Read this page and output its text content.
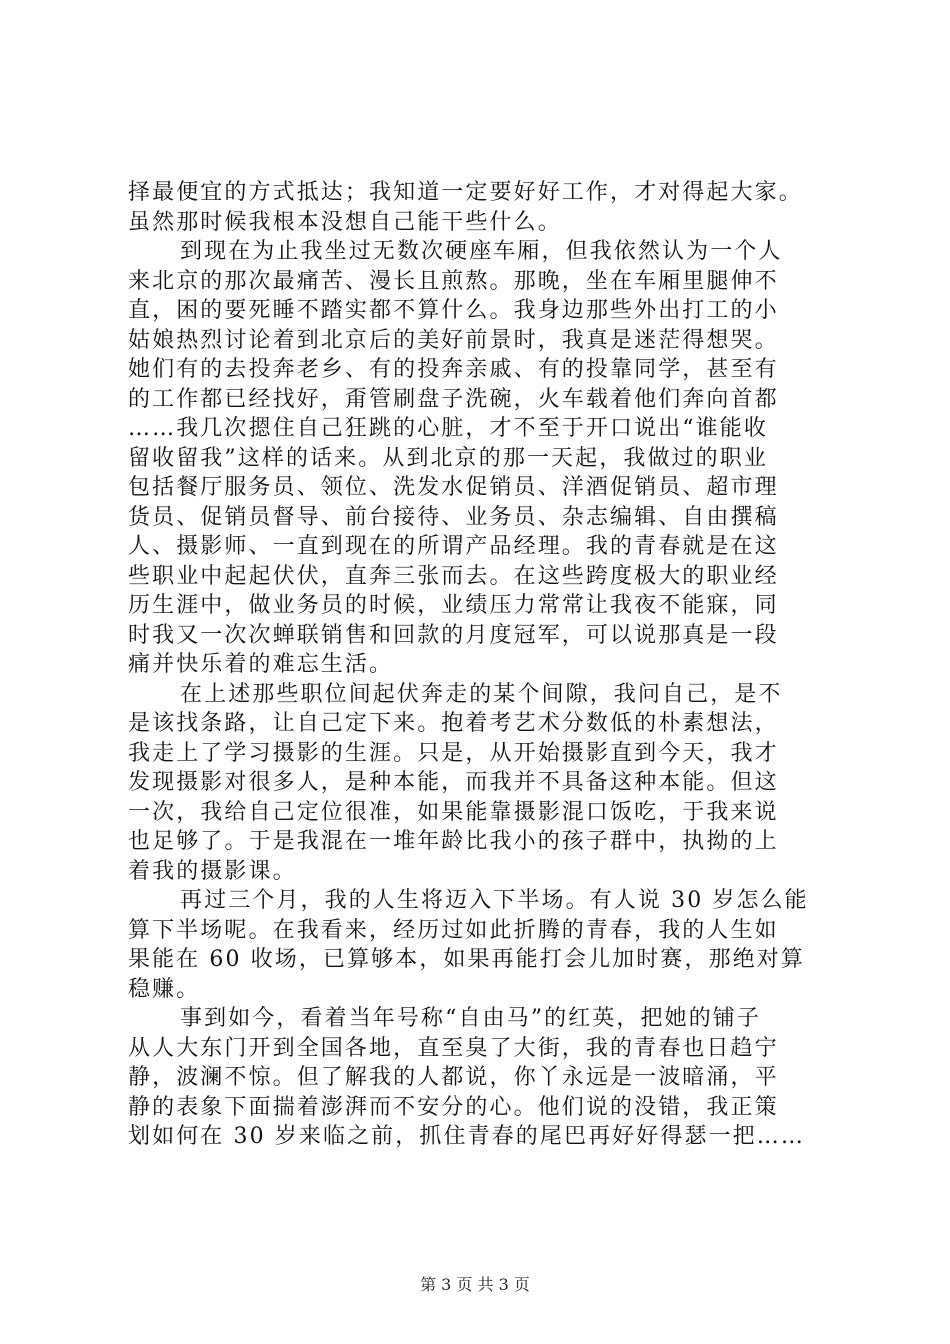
择最便宜的方式抵达；我知道一定要好好工作，才对得起大家。
虽然那时候我根本没想自己能干些什么。

到现在为止我坐过无数次硬座车厢，但我依然认为一个人
来北京的那次最痛苦、漫长且煎熬。那晚，坐在车厢里腿伸不
直，困的要死睡不踏实都不算什么。我身边那些外出打工的小
姑娘热烈讨论着到北京后的美好前景时，我真是迷茫得想哭。
她们有的去投奔老乡、有的投奔亲戚、有的投靠同学，甚至有
的工作都已经找好，甭管刷盘子洗碗，火车载着他们奔向首都
……我几次摁住自己狂跳的心脏，才不至于开口说出“谁能收
留收留我”这样的话来。从到北京的那一天起，我做过的职业
包括餐厅服务员、领位、洗发水促销员、洋酒促销员、超市理
货员、促销员督导、前台接待、业务员、杂志编辑、自由撰稿
人、摄影师、一直到现在的所谓产品经理。我的青春就是在这
些职业中起起伏伏，直奔三张而去。在这些跨度极大的职业经
历生涯中，做业务员的时候，业绩压力常常让我夜不能寐，同
时我又一次次蝉联销售和回款的月度冠军，可以说那真是一段
痛并快乐着的难忘生活。

在上述那些职位间起伏奔走的某个间隙，我问自己，是不
是该找条路，让自己定下来。抱着考艺术分数低的朴素想法，
我走上了学习摄影的生涯。只是，从开始摄影直到今天，我才
发现摄影对很多人，是种本能，而我并不具备这种本能。但这
一次，我给自己定位很准，如果能靠摄影混口饭吃，于我来说
也足够了。于是我混在一堆年龄比我小的孩子群中，执拗的上
着我的摄影课。

再过三个月，我的人生将迈入下半场。有人说 30 岁怎么能
算下半场呢。在我看来，经历过如此折腾的青春，我的人生如
果能在 60 收场，已算够本，如果再能打会儿加时赛，那绝对算
稳赚。

事到如今，看着当年号称“自由马”的红英，把她的铺子
从人大东门开到全国各地，直至臭了大街，我的青春也日趋宁
静，波澜不惊。但了解我的人都说，你丫永远是一波暗涌，平
静的表象下面揣着澎湃而不安分的心。他们说的没错，我正策
划如何在 30 岁来临之前，抓住青春的尾巴再好好得瑟一把……

第 3 页 共 3 页
